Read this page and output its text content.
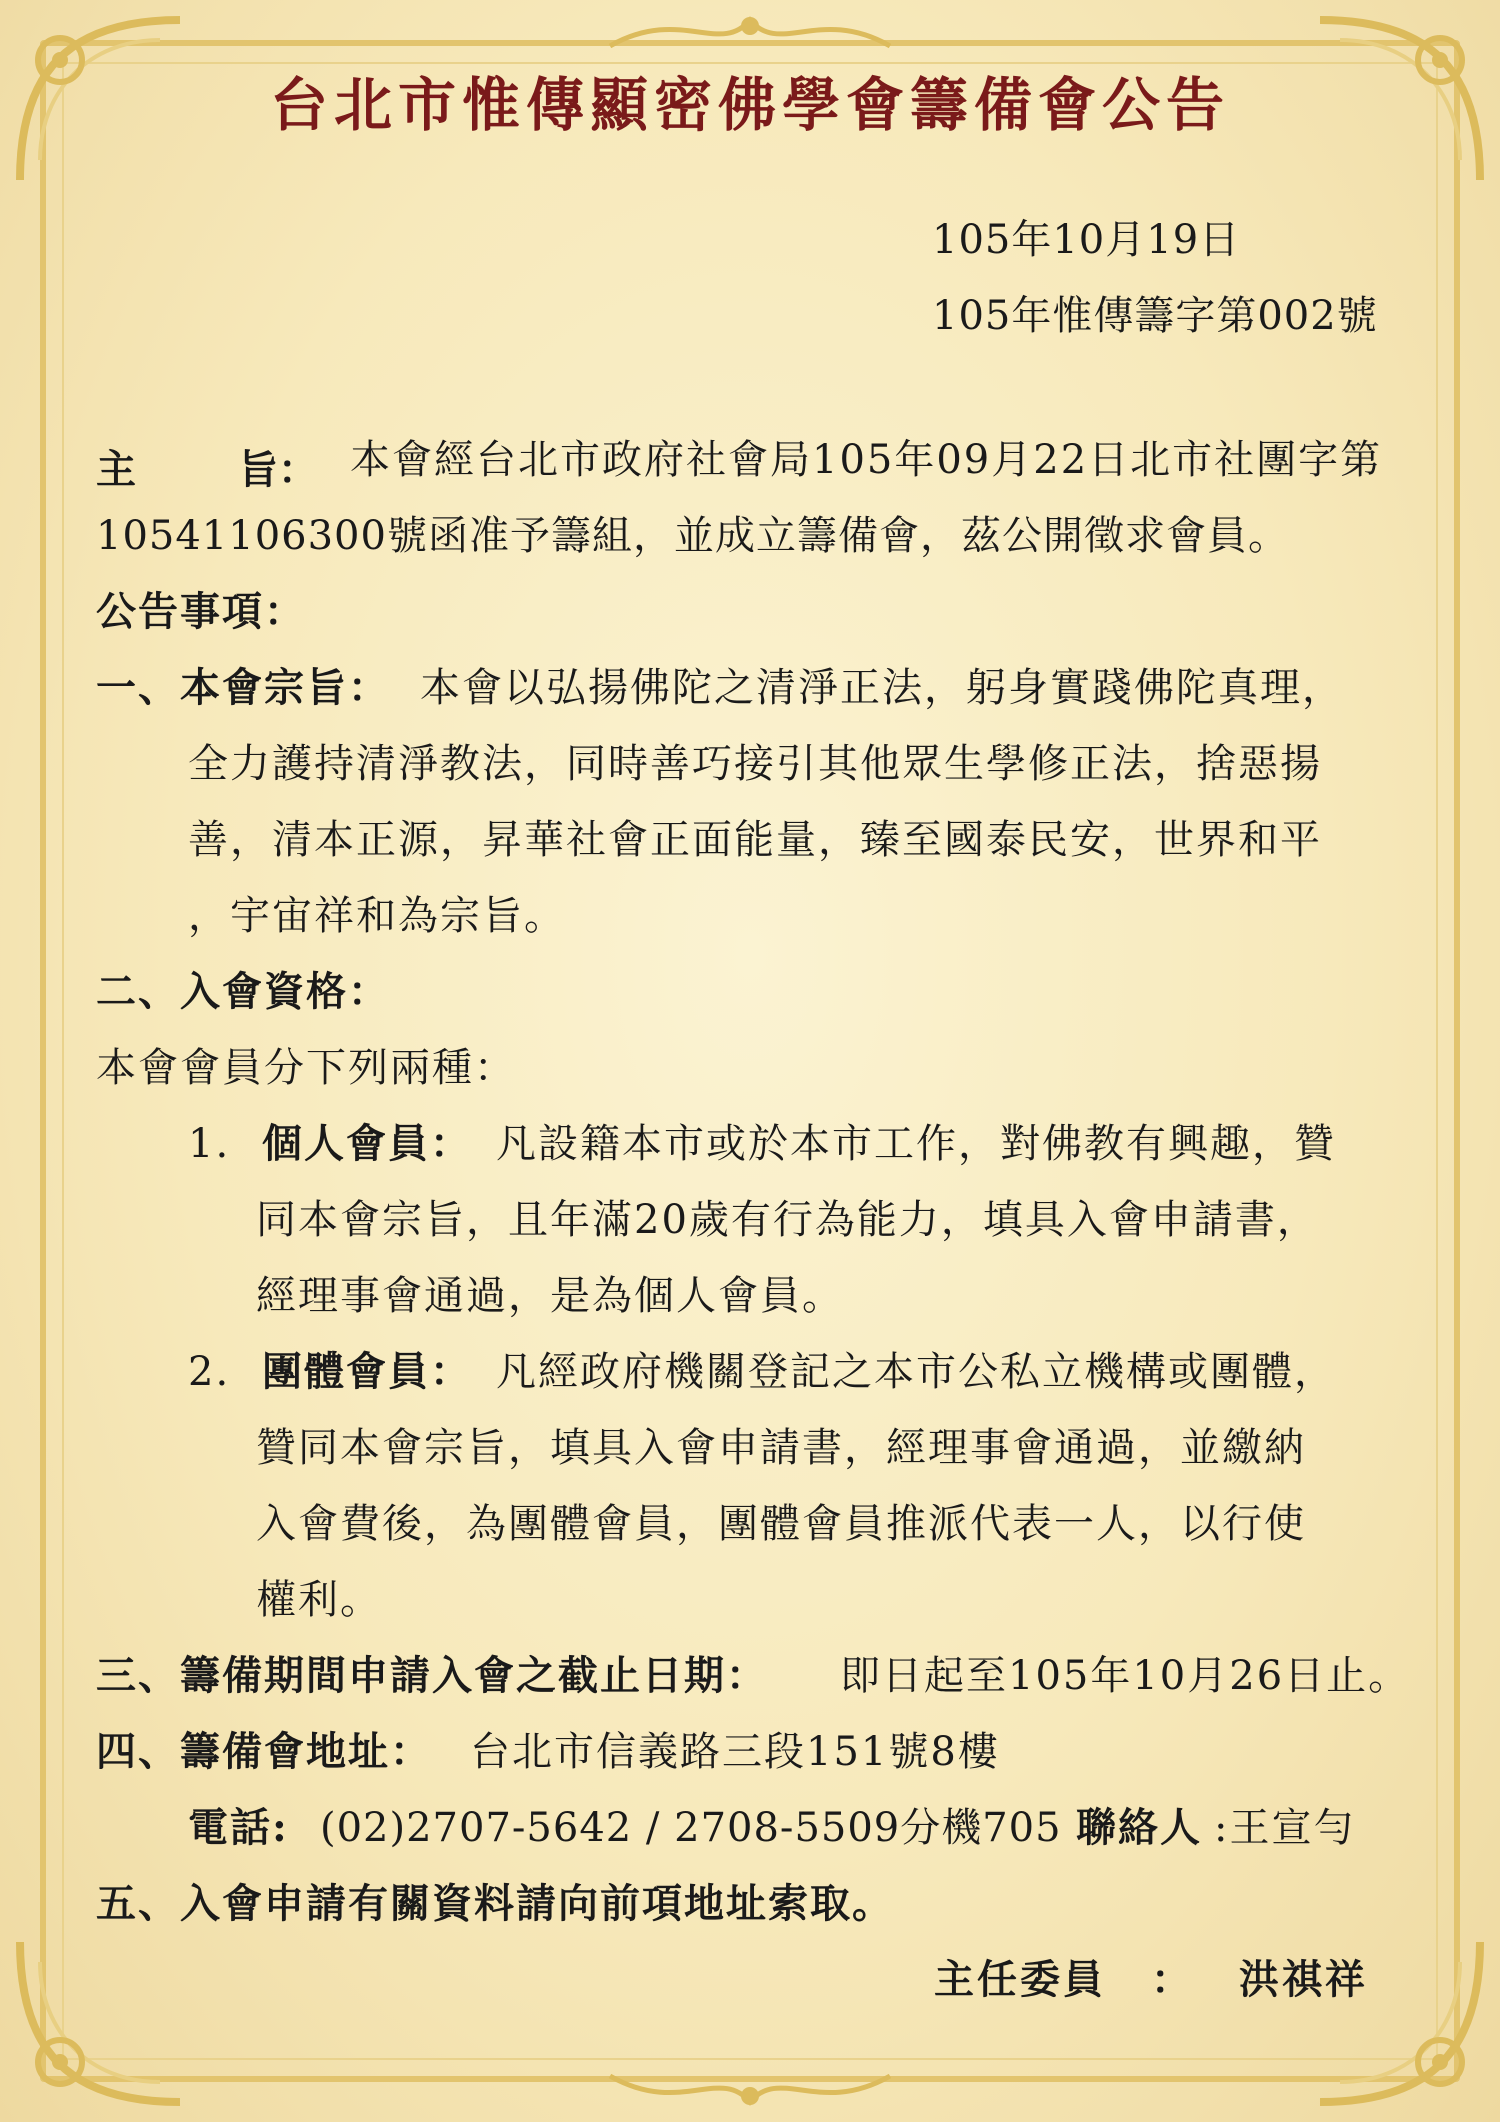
台北市惟傳顯密佛學會籌備會公告
105年10月19日
105年惟傳籌字第002號
主	旨： 本會經台北市政府社會局105年09月22日北市社團字第
10541106300號函准予籌組，並成立籌備會，茲公開徵求會員。
公告事項：
一、本會宗旨： 本會以弘揚佛陀之清淨正法，躬身實踐佛陀真理，
全力護持清淨教法，同時善巧接引其他眾生學修正法，捨惡揚
善，清本正源，昇華社會正面能量，臻至國泰民安，世界和平
，宇宙祥和為宗旨。
二、入會資格：
本會會員分下列兩種：
1. 個人會員： 凡設籍本市或於本市工作，對佛教有興趣，贊
同本會宗旨，且年滿20歲有行為能力，填具入會申請書，
經理事會通過，是為個人會員。
2. 團體會員： 凡經政府機關登記之本市公私立機構或團體，
贊同本會宗旨，填具入會申請書，經理事會通過，並繳納
入會費後，為團體會員，團體會員推派代表一人，以行使
權利。
三、籌備期間申請入會之截止日期： 即日起至105年10月26日止。
四、籌備會地址： 台北市信義路三段151號8樓
電話: (02)2707-5642 / 2708-5509分機705 聯絡人 :王宣勻
五、入會申請有關資料請向前項地址索取。
主任委員 ： 洪祺祥
